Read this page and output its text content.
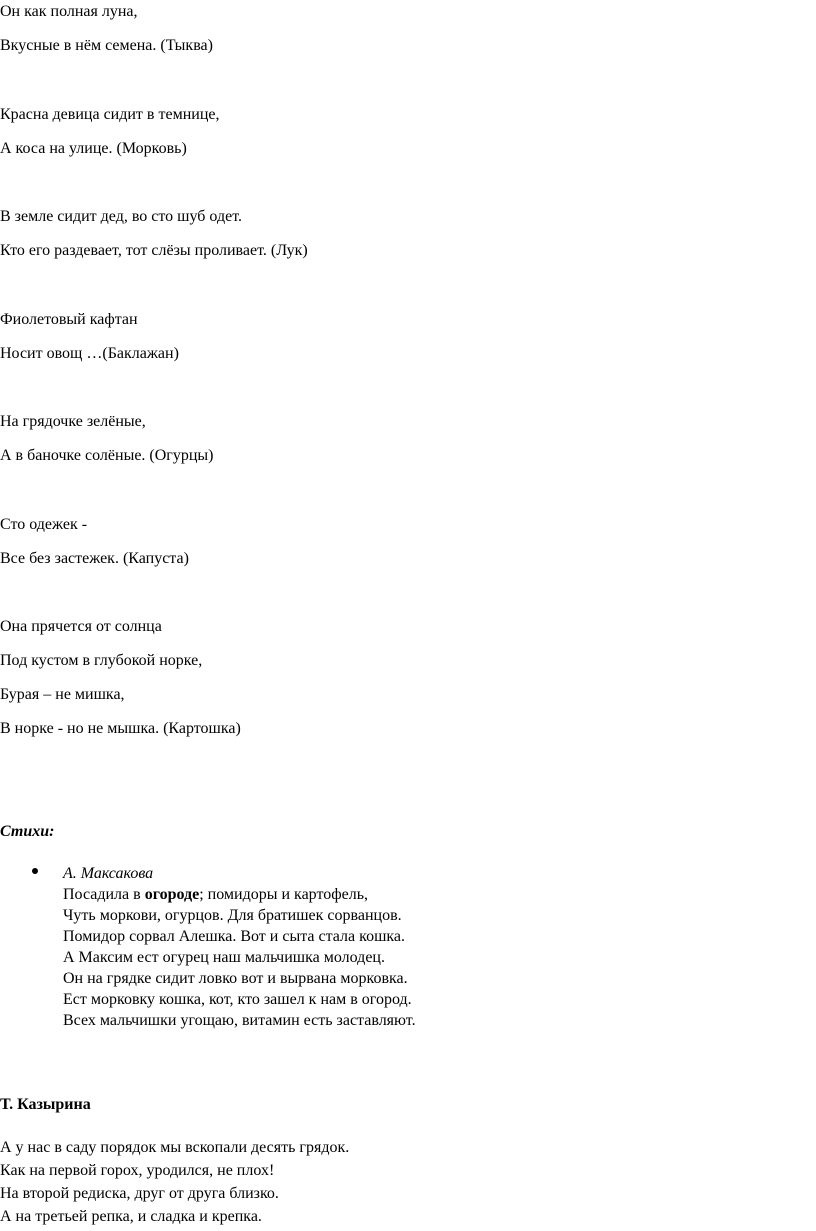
Он как полная луна,
Вкусные в нём семена. (Тыква)
Красна девица сидит в темнице,
А коса на улице. (Морковь)
В земле сидит дед, во сто шуб одет.
Кто его раздевает, тот слёзы проливает. (Лук)
Фиолетовый кафтан
Носит овощ …(Баклажан)
На грядочке зелёные,
А в баночке солёные. (Огурцы)
Сто одежек -
Все без застежек. (Капуста)
Она прячется от солнца
Под кустом в глубокой норке,
Бурая – не мишка,
В норке - но не мышка. (Картошка)
Стихи:
А. Максакова
Посадила в огороде; помидоры и картофель,
Чуть моркови, огурцов. Для братишек сорванцов.
Помидор сорвал Алешка. Вот и сыта стала кошка.
А Максим ест огурец наш мальчишка молодец.
Он на грядке сидит ловко вот и вырвана морковка.
Ест морковку кошка, кот, кто зашел к нам в огород.
Всех мальчишки угощаю, витамин есть заставляют.
Т. Казырина
А у нас в саду порядок мы вскопали десять грядок.
Как на первой горох, уродился, не плох!
На второй редиска, друг от друга близко.
А на третьей репка, и сладка и крепка.
